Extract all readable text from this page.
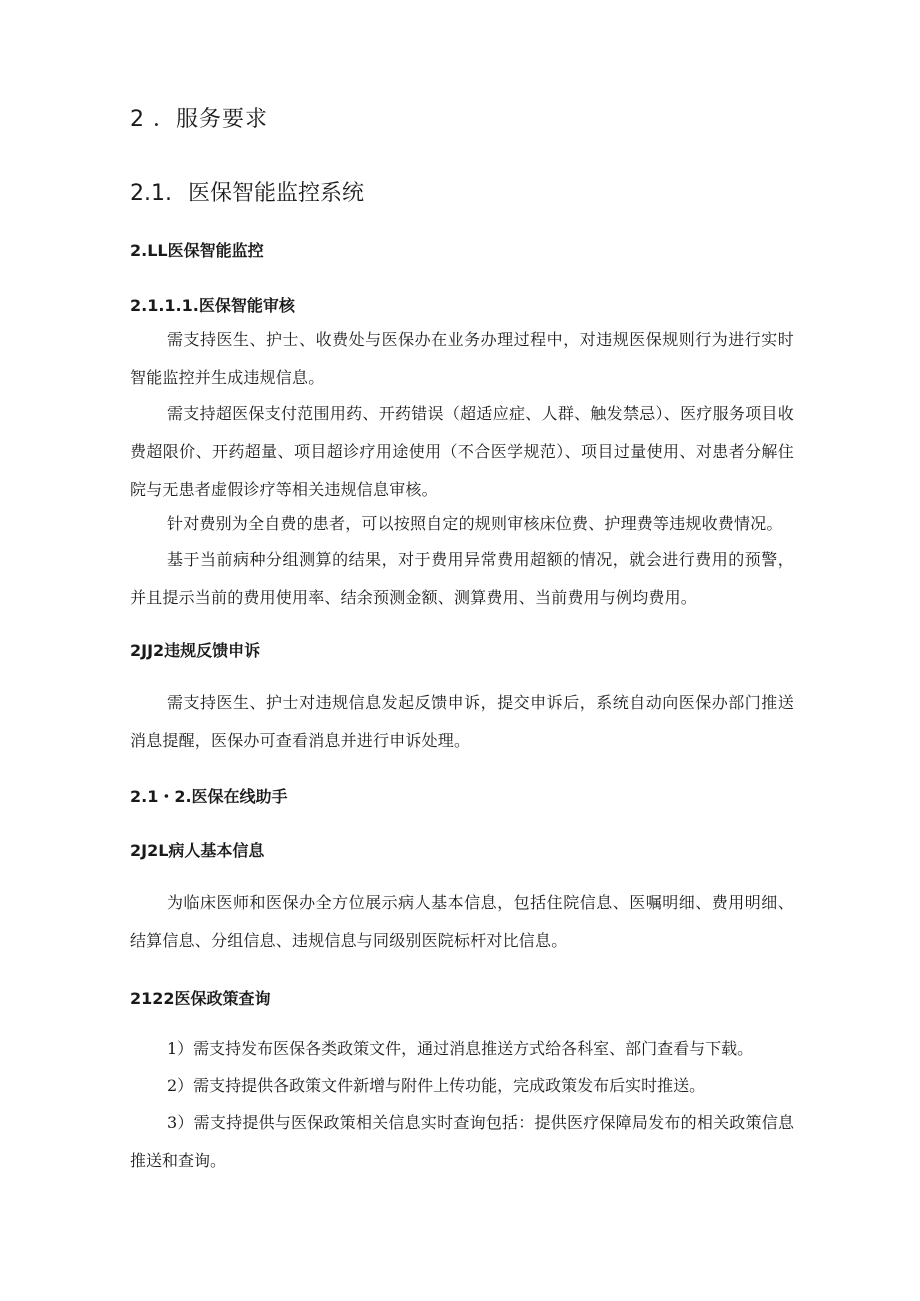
2 ．服务要求
2.1. 医保智能监控系统
2.LL医保智能监控
2.1.1.1.医保智能审核
需支持医生、护士、收费处与医保办在业务办理过程中，对违规医保规则行为进行实时智能监控并生成违规信息。
需支持超医保支付范围用药、开药错误（超适应症、人群、触发禁忌）、医疗服务项目收费超限价、开药超量、项目超诊疗用途使用（不合医学规范）、项目过量使用、对患者分解住院与无患者虚假诊疗等相关违规信息审核。
针对费别为全自费的患者，可以按照自定的规则审核床位费、护理费等违规收费情况。
基于当前病种分组测算的结果，对于费用异常费用超额的情况，就会进行费用的预警，并且提示当前的费用使用率、结余预测金额、测算费用、当前费用与例均费用。
2JJ2违规反馈申诉
需支持医生、护士对违规信息发起反馈申诉，提交申诉后，系统自动向医保办部门推送消息提醒，医保办可查看消息并进行申诉处理。
2.1・2.医保在线助手
2J2L病人基本信息
为临床医师和医保办全方位展示病人基本信息，包括住院信息、医嘱明细、费用明细、结算信息、分组信息、违规信息与同级别医院标杆对比信息。
2122医保政策查询
1）需支持发布医保各类政策文件，通过消息推送方式给各科室、部门查看与下载。
2）需支持提供各政策文件新增与附件上传功能，完成政策发布后实时推送。
3）需支持提供与医保政策相关信息实时查询包括：提供医疗保障局发布的相关政策信息推送和查询。
